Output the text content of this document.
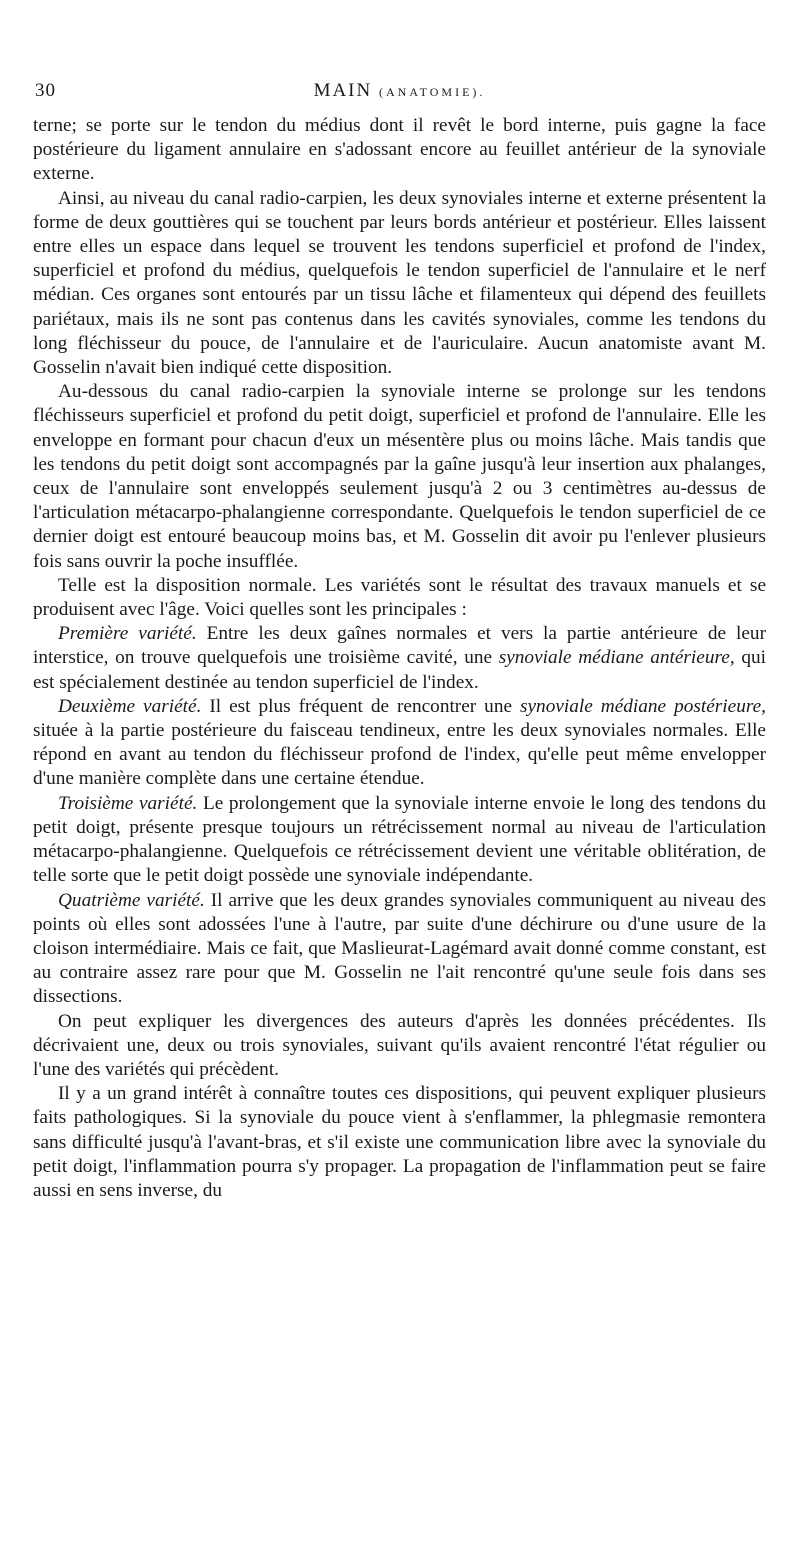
30	MAIN (ANATOMIE).

terne; se porte sur le tendon du médius dont il revêt le bord interne, puis gagne la face postérieure du ligament annulaire en s'adossant encore au feuillet antérieur de la synoviale externe.

Ainsi, au niveau du canal radio-carpien, les deux synoviales interne et externe présentent la forme de deux gouttières qui se touchent par leurs bords antérieur et postérieur. Elles laissent entre elles un espace dans lequel se trouvent les tendons superficiel et profond de l'index, superficiel et profond du médius, quelquefois le tendon superficiel de l'annulaire et le nerf médian. Ces organes sont entourés par un tissu lâche et filamenteux qui dépend des feuillets pariétaux, mais ils ne sont pas contenus dans les cavités synoviales, comme les tendons du long fléchisseur du pouce, de l'annulaire et de l'auriculaire. Aucun anatomiste avant M. Gosselin n'avait bien indiqué cette disposition.

Au-dessous du canal radio-carpien la synoviale interne se prolonge sur les tendons fléchisseurs superficiel et profond du petit doigt, superficiel et profond de l'annulaire. Elle les enveloppe en formant pour chacun d'eux un mésentère plus ou moins lâche. Mais tandis que les tendons du petit doigt sont accompagnés par la gaîne jusqu'à leur insertion aux phalanges, ceux de l'annulaire sont enveloppés seulement jusqu'à 2 ou 3 centimètres au-dessus de l'articulation métacarpo-phalangienne correspondante. Quelquefois le tendon superficiel de ce dernier doigt est entouré beaucoup moins bas, et M. Gosselin dit avoir pu l'enlever plusieurs fois sans ouvrir la poche insufflée.

Telle est la disposition normale. Les variétés sont le résultat des travaux manuels et se produisent avec l'âge. Voici quelles sont les principales :

Première variété. Entre les deux gaînes normales et vers la partie antérieure de leur interstice, on trouve quelquefois une troisième cavité, une synoviale médiane antérieure, qui est spécialement destinée au tendon superficiel de l'index.

Deuxième variété. Il est plus fréquent de rencontrer une synoviale médiane postérieure, située à la partie postérieure du faisceau tendineux, entre les deux synoviales normales. Elle répond en avant au tendon du fléchisseur profond de l'index, qu'elle peut même envelopper d'une manière complète dans une certaine étendue.

Troisième variété. Le prolongement que la synoviale interne envoie le long des tendons du petit doigt, présente presque toujours un rétrécissement normal au niveau de l'articulation métacarpo-phalangienne. Quelquefois ce rétrécissement devient une véritable oblitération, de telle sorte que le petit doigt possède une synoviale indépendante.

Quatrième variété. Il arrive que les deux grandes synoviales communiquent au niveau des points où elles sont adossées l'une à l'autre, par suite d'une déchirure ou d'une usure de la cloison intermédiaire. Mais ce fait, que Maslieurat-Lagémard avait donné comme constant, est au contraire assez rare pour que M. Gosselin ne l'ait rencontré qu'une seule fois dans ses dissections.

On peut expliquer les divergences des auteurs d'après les données précédentes. Ils décrivaient une, deux ou trois synoviales, suivant qu'ils avaient rencontré l'état régulier ou l'une des variétés qui précèdent.

Il y a un grand intérêt à connaître toutes ces dispositions, qui peuvent expliquer plusieurs faits pathologiques. Si la synoviale du pouce vient à s'enflammer, la phlegmasie remontera sans difficulté jusqu'à l'avant-bras, et s'il existe une communication libre avec la synoviale du petit doigt, l'inflammation pourra s'y propager. La propagation de l'inflammation peut se faire aussi en sens inverse, du
